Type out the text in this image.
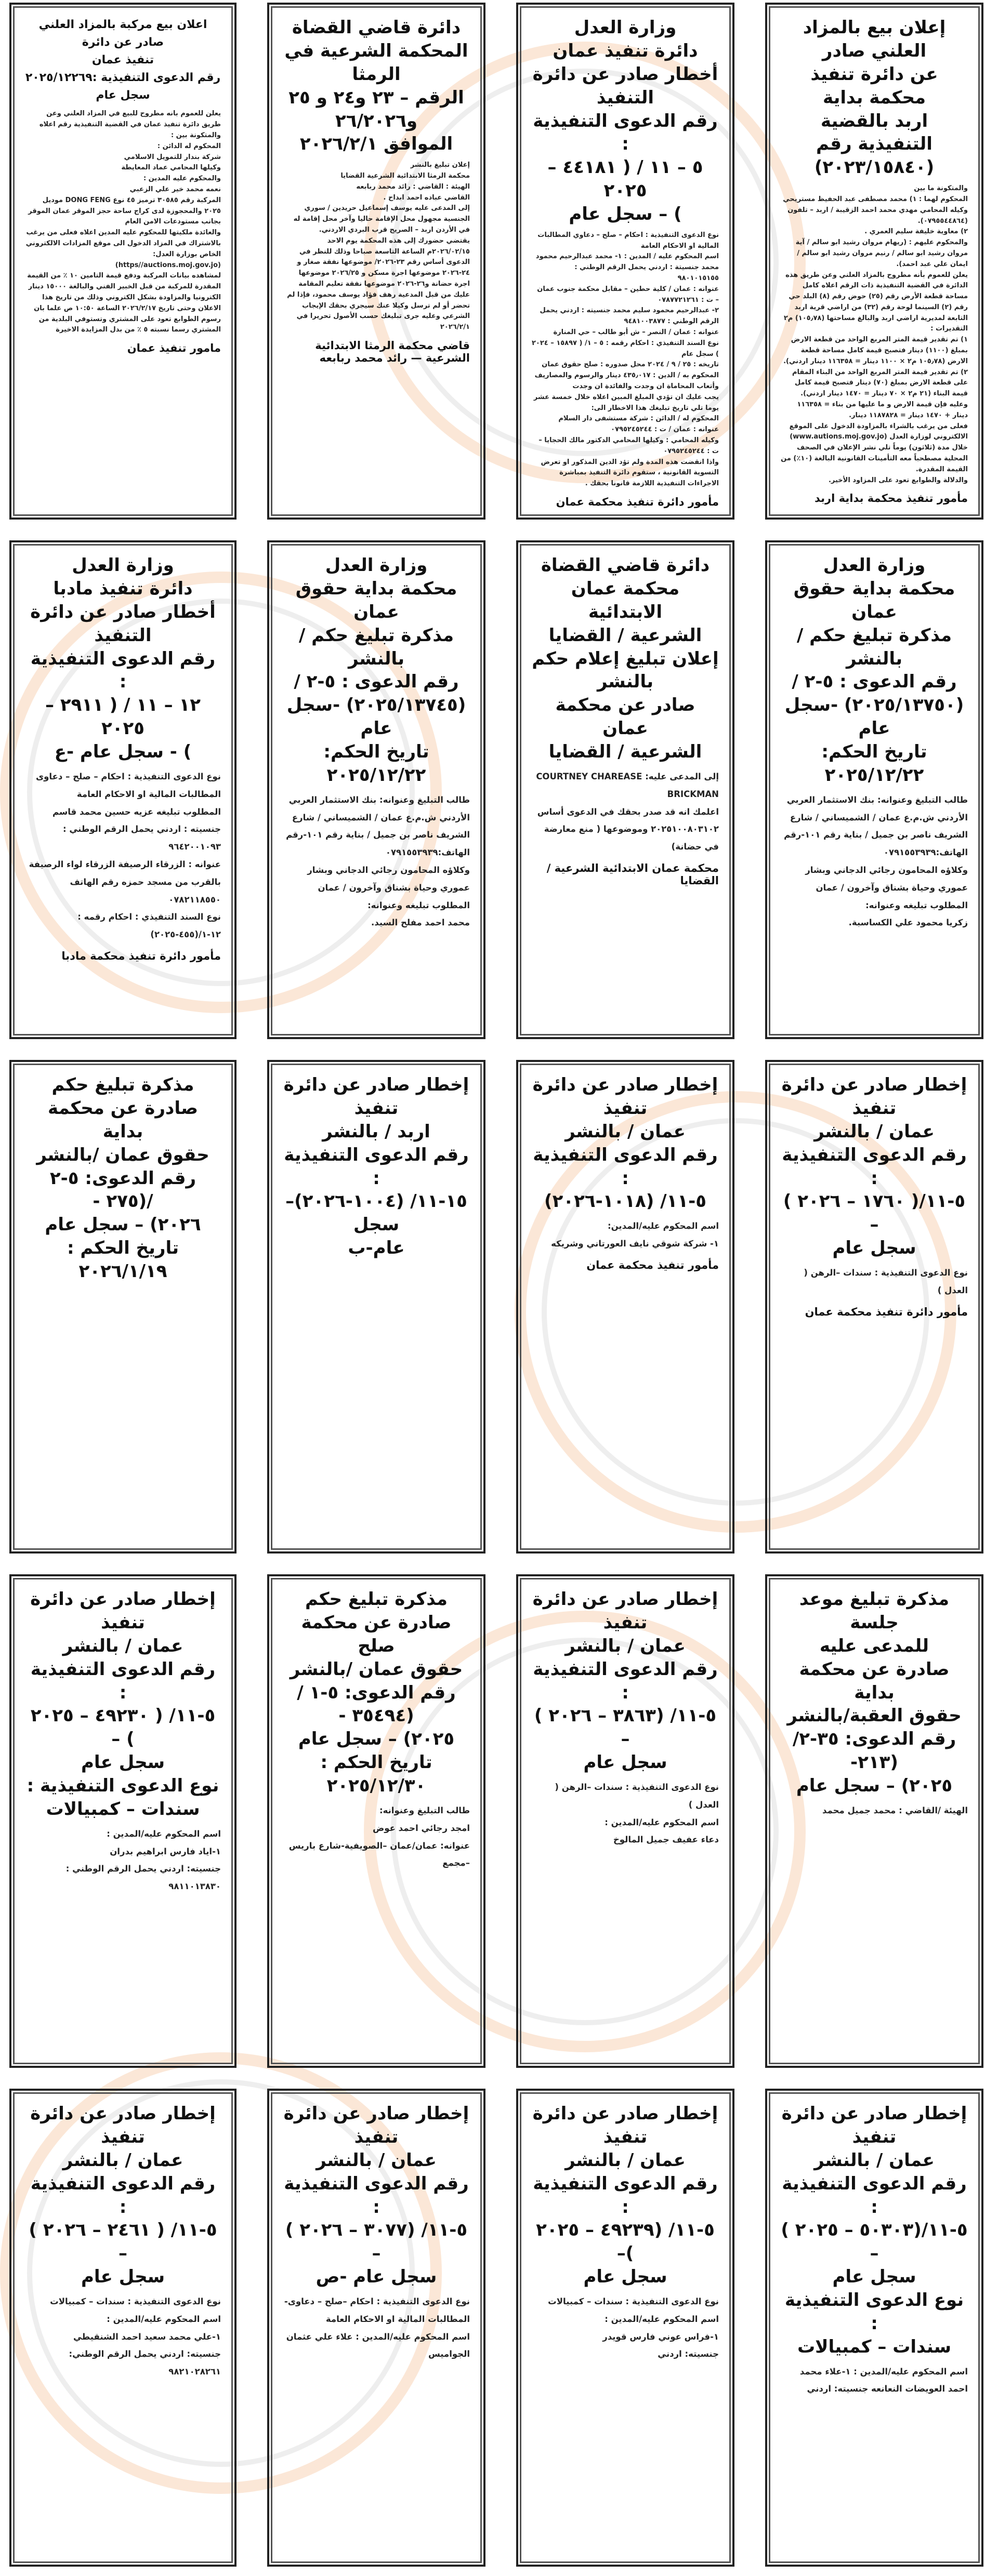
إعلان بيع بالمزاد العلني صادر
عن دائرة تنفيذ محكمة بداية
اربد بالقضية التنفيذية رقم
(٢٠٢٣/١٥٨٤٠)
والمتكونة ما بين
المحكوم لهما : ١) محمد مصطفى عبد الحفيظ مستريحي وكيله المحامي مهدي محمد احمد الزقيبة / اربد – تلفون (٠٧٩٥٥٤٤٨٦٤).
٢) معاوية خليفة سليم العمري .
والمحكوم عليهم : (ريهام مروان رشيد ابو سالم / آية مروان رشيد ابو سالم / رنيم مروان رشيد ابو سالم / ايمان علي عبد احمد).
يعلن للعموم بأنه مطروح بالمزاد العلني وعن طريق هذه الدائرة في القضية التنفيذية ذات الرقم اعلاه كامل مساحة قطعة الأرض رقم (٢٥) حوض رقم (٨) البلد حي رقم (٢) السينما لوحة رقم (٣٢) من اراضي قرية اربد التابعة لمديرية اراضي اربد والبالغ مساحتها (١٠٥٫٧٨) م٢
التقديرات :
١) تم تقدير قيمة المتر المربع الواحد من قطعة الارض بمبلغ (١١٠٠) دينار فتصبح قيمة كامل مساحة قطعة الارض (١٠٥٫٧٨ م٢ × ١١٠٠ دينار = ١١٦٣٥٨ دينار اردني).
٢) تم تقدير قيمة المتر المربع الواحد من البناء المقام على قطعة الارض بمبلغ (٧٠) دينار فتصبح قيمة كامل قيمة البناء (٢١ م٢ × ٧٠ دينار = ١٤٧٠ دينار اردني).
وعليه فإن قيمة الارض و ما عليها من بناء = ١١٦٣٥٨ دينار + ١٤٧٠ دينار = ١١٨٧٨٢٨ دينار.
فعلى من يرغب بالشراء بالمزاودة الدخول على الموقع الالكتروني لوزارة العدل (www.autions.moj.gov.jo) خلال مدة (ثلاثون) يوماً تلي نشر الإعلان في الصحف المحلية مصطحباً معه التأمينات القانونية البالغة (١٠٪) من القيمة المقدرة.
والدلالة والطوابع تعود على المزاود الأخير.
مأمور تنفيذ محكمة بداية اربد
وزارة العدل
دائرة تنفيذ عمان
أخطار صادر عن دائرة التنفيذ
رقم الدعوى التنفيذية :
٥ – ١١ / ( ٤٤١٨١ – ٢٠٢٥
) – سجل عام
نوع الدعوى التنفيذية : احكام – صلح – دعاوي المطالبات المالية او الاحكام العامة
اسم المحكوم عليه / المدين : ١- محمد عبدالرحيم محمود محمد جنسيتة : اردني يحمل الرقم الوطني : ٩٨٠١٠١٥١٥٥
عنوانه : عمان / كلية حطين – مقابل محكمة جنوب عمان – ت : ٠٧٨٧٧٢١٢٦١
٢- عبدالرحيم محمود سليم محمد جنسيته : اردني يحمل الرقم الوطني : ٩٤٨١٠٠٣٨٧٧
عنوانه : عمان / النصر – ش أبو طالب – حي المنارة
نوع السند التنفيذي : احكام رقمه : ٥ – ١/ ( ١٥٨٩٧ – ٢٠٢٤ ) سجل عام
تاريخه : ٢٥ / ٩ / ٢٠٢٤ محل صدوره : صلح حقوق عمان
المحكوم به / الدين : ٤٣٥٫٠١٧ دينار والرسوم والمصاريف وأتعاب المحاماة ان وجدت والفائدة ان وجدت
يجب عليك ان تؤدي المبلغ المبين اعلاه خلال خمسة عشر يوما تلي تاريخ تبليغك هذا الاخطار الى:
المحكوم له / الدائن : شركة مستشفى دار السلام
عنوانه : عمان / ت : ٠٧٩٥٢٤٥٢٤٤
وكيله المحامي : وكيلها المحامي الدكتور مالك الحجايا – ت : ٠٧٩٥٢٤٥٢٤٤
واذا انقضت هذه المدة ولم تؤد الدين المذكور او تعرض التسوية القانونية ، ستقوم دائرة التنفيذ بمباشرة الاجراءات التنفيذية اللازمة قانونا بحقك .
مأمور دائرة تنفيذ محكمة عمان
دائرة قاضي القضاة
المحكمة الشرعية في الرمثا
الرقم – ٢٣ و٢٤ و ٢٥
و٢٦/٢٠٢٦
الموافق ٢٠٢٦/٢/١
إعلان تبليغ بالنشر
محكمة الرمثا الابتدائية الشرعية القضايا
الهيئة : القاضي : رائد محمد ربابعه
القاضي عباده احمد ابداح .
إلى المدعى عليه يوسف إسماعيل حريدين / سوري الجنسية مجهول محل الإقامة حاليا وآخر محل إقامة له في الأردن اربد – الصريح قرب البردي الاردني.
يقتضي حضورك إلى هذه المحكمة يوم الاحد ٢٠٢٦/٠٢/١٥م الساعة التاسعة صباحا وذلك للنظر في الدعوى أساس رقم ٢٣-٢٠٢٦/ موضوعها نفقة صغار و ٢٤-٢٠٢٦ موضوعها اجرة مسكن و ٢٠٢٦/٢٥ موضوعها اجرة حضانة و٢٦-٢٠٢٦ موضوعها نفقة تعليم المقامة عليك من قبل المدعية رهف فؤاد يوسف محمود، فإذا لم تحضر أو لم ترسل وكيلا عنك سيجري بحقك الإيجاب الشرعي وعليه جرى تبليغك حسب الأصول تحريرا في ٢٠٢٦/٢/١
قاضي محكمة الرمثا الابتدائية الشرعية — رائد محمد ربابعه
اعلان بيع مركبة بالمزاد العلني صادر عن دائرة
تنفيذ عمان
رقم الدعوى التنفيذية :٢٠٢٥/١٢٢٦٩ سجل عام
يعلن للعموم بانه مطروح للبيع في المزاد العلني وعن طريق دائرة تنفيذ عمان في القضية التنفيذية رقم اعلاه والمتكونة بين :
المحكوم له الدائن :
شركة بندار للتمويل الاسلامي
وكيلها المحامي عماد المعايطة
والمحكوم عليه المدين :
نعمه محمد خير علي الزعبي
المركبة رقم ٣٠٥٨٥ ترميز ٤٥ نوع DONG FENG موديل ٢٠٢٥ والمحجوزة لدى كراج ساحة حجز الموقر عمان الموقر بجانب مستودعات الامن العام
والعائدة ملكيتها للمحكوم عليه المدين اعلاه فعلى من يرغب بالاشتراك في المزاد الدخول الى موقع المزادات الالكتروني الخاص بوزارة العدل:
(https//auctions.moj.gov.jo)
لمشاهده بيانات المركبة ودفع قيمة التامين ١٠ ٪ من القيمة المقدرة للمركبة من قبل الخبير الفني والبالغة ١٥٠٠٠ دينار الكترونيا والمزاودة بشكل الكتروني وذلك من تاريخ هذا الاعلان وحتى تاريخ ٢٠٢٦/٢/١٧ الساعة ١٠:٥٠ ص علما بان رسوم الطوابع تعود على المشتري وتستوفي البلدية من المشتري رسما نسبته ٥ ٪ من بدل المزايدة الاخيرة
مامور تنفيذ عمان
وزارة العدل
محكمة بداية حقوق عمان
مذكرة تبليغ حكم / بالنشر
رقم الدعوى : ٥-٢ /
(٢٠٢٥/١٣٧٥٠) -سجل عام
تاريخ الحكم: ٢٠٢٥/١٢/٢٢
طالب التبليغ وعنوانه: بنك الاستثمار العربي الأردني ش.م.ع عمان / الشميساني / شارع الشريف ناصر بن جميل / بناية رقم ١٠١-رقم الهاتف:٠٧٩١٥٥٣٩٣٩
وكلاؤه المحامون رجائي الدجاني وبشار عموري وحياة بشناق وآخرون / عمان
المطلوب تبليغه وعنوانه:
زكريا محمود علي الكساسبة.
دائرة قاضي القضاة
محكمة عمان الابتدائية
الشرعية / القضايا
إعلان تبليغ إعلام حكم بالنشر
صادر عن محكمة عمان
الشرعية / القضايا
إلى المدعى عليه: COURTNEY CHAREASE BRICKMAN
اعلمك انه قد صدر بحقك في الدعوى أساس ٢٠٢٥١٠٠٨٠٣١٠٢ وموضوعها ( منع معارضة في حضانة)
محكمة عمان الابتدائية الشرعية / القضايا
وزارة العدل
محكمة بداية حقوق عمان
مذكرة تبليغ حكم / بالنشر
رقم الدعوى : ٥-٢ /
(٢٠٢٥/١٣٧٤٥) -سجل عام
تاريخ الحكم: ٢٠٢٥/١٢/٢٢
طالب التبليغ وعنوانه: بنك الاستثمار العربي الأردني ش.م.ع عمان / الشميساني / شارع الشريف ناصر بن جميل / بناية رقم ١٠١-رقم الهاتف:٠٧٩١٥٥٣٩٣٩
وكلاؤه المحامون رجائي الدجاني وبشار عموري وحياة بشناق وآخرون / عمان
المطلوب تبليغه وعنوانه:
محمد احمد مفلح السيد.
وزارة العدل
دائرة تنفيذ مادبا
أخطار صادر عن دائرة التنفيذ
رقم الدعوى التنفيذية :
١٢ – ١١ / ( ٢٩١١ – ٢٠٢٥
) - سجل عام -ع
نوع الدعوى التنفيذية : احكام – صلح – دعاوى المطالبات المالية او الاحكام العامة
المطلوب تبليغه عزيه حسين محمد قاسم
جنسيته : اردني يحمل الرقم الوطني : ٩٦٤٢٠٠١٠٩٣
عنوانه : الزرقاء الرصيفة الزرقاء لواء الرصيفة بالقرب من مسجد حمزه رقم الهاتف ٠٧٨٢١١٨٥٥٠
نوع السند التنفيذي : احكام رقمه : ١٢-١/(٤٥٥-٢٠٢٥)
مأمور دائرة تنفيذ محكمة مادبا
إخطار صادر عن دائرة تنفيذ
عمان / بالنشر
رقم الدعوى التنفيذية :
٥-١١/( ١٧٦٠ – ٢٠٢٦ ) –
سجل عام
نوع الدعوى التنفيذية : سندات –الرهن ( العدل )
مأمور دائرة تنفيذ محكمة عمان
إخطار صادر عن دائرة تنفيذ
عمان / بالنشر
رقم الدعوى التنفيذية :
٥-١١/ (١٠١٨-٢٠٢٦)
اسم المحكوم عليه/المدين:
١- شركة شوقي نايف العورتاني وشريكه
مأمور تنفيذ محكمة عمان
إخطار صادر عن دائرة تنفيذ
اربد / بالنشر
رقم الدعوى التنفيذية :
١٥-١١/ (١٠٠٤-٢٠٢٦)– سجل
عام-ب
مذكرة تبليغ حكم
صادرة عن محكمة بداية
حقوق عمان /بالنشر
رقم الدعوى: ٥-٢ /(٢٧٥ -
٢٠٢٦) – سجل عام
تاريخ الحكم : ٢٠٢٦/١/١٩
مذكرة تبليغ موعد جلسة
للمدعى عليه
صادرة عن محكمة بداية
حقوق العقبة/بالنشر
رقم الدعوى: ٣٥-٢/ (٢١٣-
٢٠٢٥) – سجل عام
الهيئة /القاضي : محمد جميل محمد
إخطار صادر عن دائرة تنفيذ
عمان / بالنشر
رقم الدعوى التنفيذية :
٥-١١/ (٣٨٦٣ – ٢٠٢٦ ) –
سجل عام
نوع الدعوى التنفيذية : سندات –الرهن ( العدل )
اسم المحكوم عليه/المدين :
دعاء عفيف جميل المالوخ
مذكرة تبليغ حكم
صادرة عن محكمة صلح
حقوق عمان /بالنشر
رقم الدعوى: ٥-١ / (٣٥٤٩٤ -
٢٠٢٥) – سجل عام
تاريخ الحكم : ٢٠٢٥/١٢/٣٠
طالب التبليغ وعنوانه:
امجد رجائي احمد عوض
عنوانه: عمان/عمان –الصويفية-شارع باريس –مجمع
إخطار صادر عن دائرة تنفيذ
عمان / بالنشر
رقم الدعوى التنفيذية :
٥-١١/ ( ٤٩٢٣٠ – ٢٠٢٥ ) –
سجل عام
نوع الدعوى التنفيذية :
سندات – كمبيالات
اسم المحكوم عليه/المدين :
١-اياد فارس ابراهيم بدران
جنسيته: اردني يحمل الرقم الوطني : ٩٨١١٠١٣٨٣٠
إخطار صادر عن دائرة تنفيذ
عمان / بالنشر
رقم الدعوى التنفيذية :
٥-١١/(٥٠٣٠٣ – ٢٠٢٥ ) –
سجل عام
نوع الدعوى التنفيذية :
سندات – كمبيالات
اسم المحكوم عليه/المدين : ١-علاء محمد احمد العويضات النعانعه جنسيته: اردني
إخطار صادر عن دائرة تنفيذ
عمان / بالنشر
رقم الدعوى التنفيذية :
٥-١١/ (٤٩٢٣٩ – ٢٠٢٥ )–
سجل عام
نوع الدعوى التنفيذية : سندات – كمبيالات
اسم المحكوم عليه/المدين :
١-فراس عوني فارس قويدر
جنسيته: اردني
إخطار صادر عن دائرة تنفيذ
عمان / بالنشر
رقم الدعوى التنفيذية :
٥-١١/ (٣٠٧٧ – ٢٠٢٦ ) –
سجل عام -ص
نوع الدعوى التنفيذية : احكام –صلح – دعاوى- المطالبات المالية او الاحكام العامة
اسم المحكوم عليه/المدين : علاء علي عثمان الجواميس
إخطار صادر عن دائرة تنفيذ
عمان / بالنشر
رقم الدعوى التنفيذية :
٥-١١/ ( ٢٤٦١ – ٢٠٢٦ ) –
سجل عام
نوع الدعوى التنفيذية : سندات – كمبيالات
اسم المحكوم عليه/المدين :
١-علي محمد سعيد احمد الشنقيطي
جنسيته: اردني يحمل الرقم الوطني: ٩٨٢١٠٢٨٢٦١
